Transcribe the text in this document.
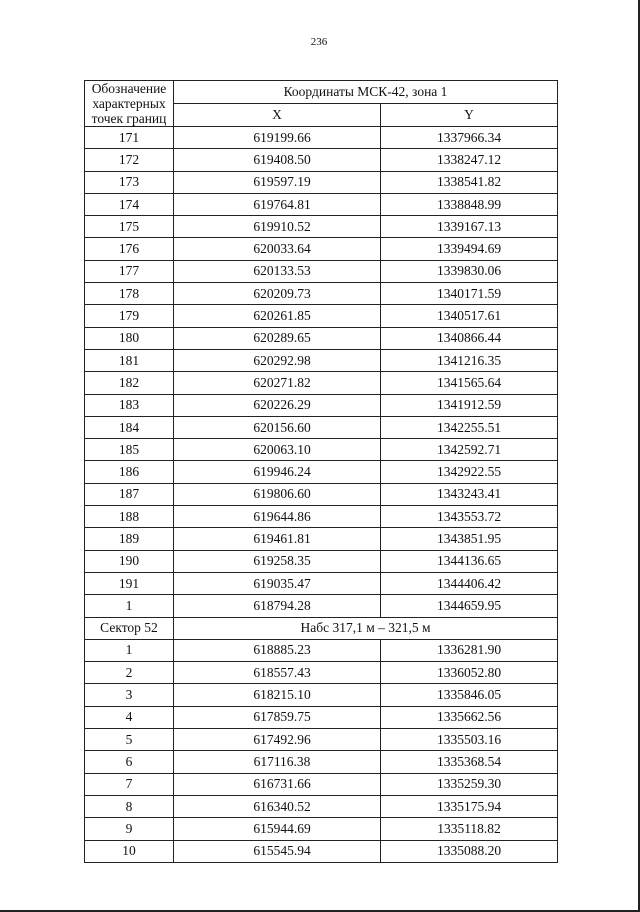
236
Обозначение характерных точек границ	Координаты МСК-42, зона 1	
	X	Y
171	619199.66	1337966.34
172	619408.50	1338247.12
173	619597.19	1338541.82
174	619764.81	1338848.99
175	619910.52	1339167.13
176	620033.64	1339494.69
177	620133.53	1339830.06
178	620209.73	1340171.59
179	620261.85	1340517.61
180	620289.65	1340866.44
181	620292.98	1341216.35
182	620271.82	1341565.64
183	620226.29	1341912.59
184	620156.60	1342255.51
185	620063.10	1342592.71
186	619946.24	1342922.55
187	619806.60	1343243.41
188	619644.86	1343553.72
189	619461.81	1343851.95
190	619258.35	1344136.65
191	619035.47	1344406.42
1	618794.28	1344659.95
Сектор 52	Набс 317,1 м – 321,5 м	
1	618885.23	1336281.90
2	618557.43	1336052.80
3	618215.10	1335846.05
4	617859.75	1335662.56
5	617492.96	1335503.16
6	617116.38	1335368.54
7	616731.66	1335259.30
8	616340.52	1335175.94
9	615944.69	1335118.82
10	615545.94	1335088.20
